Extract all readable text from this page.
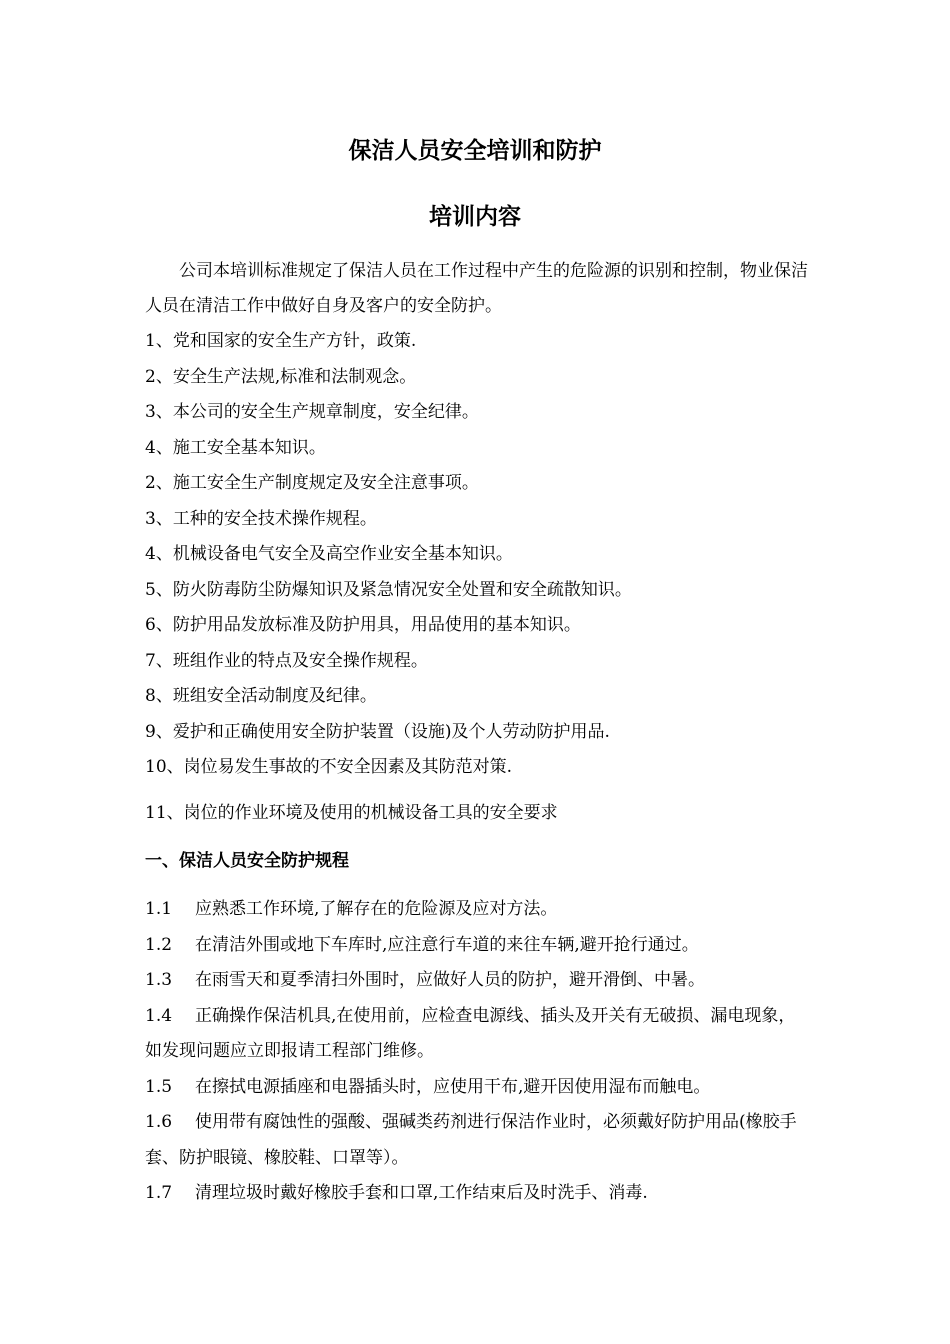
保洁人员安全培训和防护
培训内容

公司本培训标准规定了保洁人员在工作过程中产生的危险源的识别和控制，物业保洁人员在清洁工作中做好自身及客户的安全防护。

1、党和国家的安全生产方针，政策.
2、安全生产法规,标准和法制观念。
3、本公司的安全生产规章制度，安全纪律。
4、施工安全基本知识。
2、施工安全生产制度规定及安全注意事项。
3、工种的安全技术操作规程。
4、机械设备电气安全及高空作业安全基本知识。
5、防火防毒防尘防爆知识及紧急情况安全处置和安全疏散知识。
6、防护用品发放标准及防护用具，用品使用的基本知识。
7、班组作业的特点及安全操作规程。
8、班组安全活动制度及纪律。
9、爱护和正确使用安全防护装置（设施)及个人劳动防护用品.
10、岗位易发生事故的不安全因素及其防范对策.
11、岗位的作业环境及使用的机械设备工具的安全要求
一、保洁人员安全防护规程

1.1 应熟悉工作环境,了解存在的危险源及应对方法。

1.2 在清洁外围或地下车库时,应注意行车道的来往车辆,避开抢行通过。

1.3 在雨雪天和夏季清扫外围时，应做好人员的防护，避开滑倒、中暑。

1.4 正确操作保洁机具,在使用前，应检查电源线、插头及开关有无破损、漏电现象，如发现问题应立即报请工程部门维修。

1.5 在擦拭电源插座和电器插头时，应使用干布,避开因使用湿布而触电。

1.6 使用带有腐蚀性的强酸、强碱类药剂进行保洁作业时，必须戴好防护用品(橡胶手套、防护眼镜、橡胶鞋、口罩等）。

1.7 清理垃圾时戴好橡胶手套和口罩,工作结束后及时洗手、消毒.
